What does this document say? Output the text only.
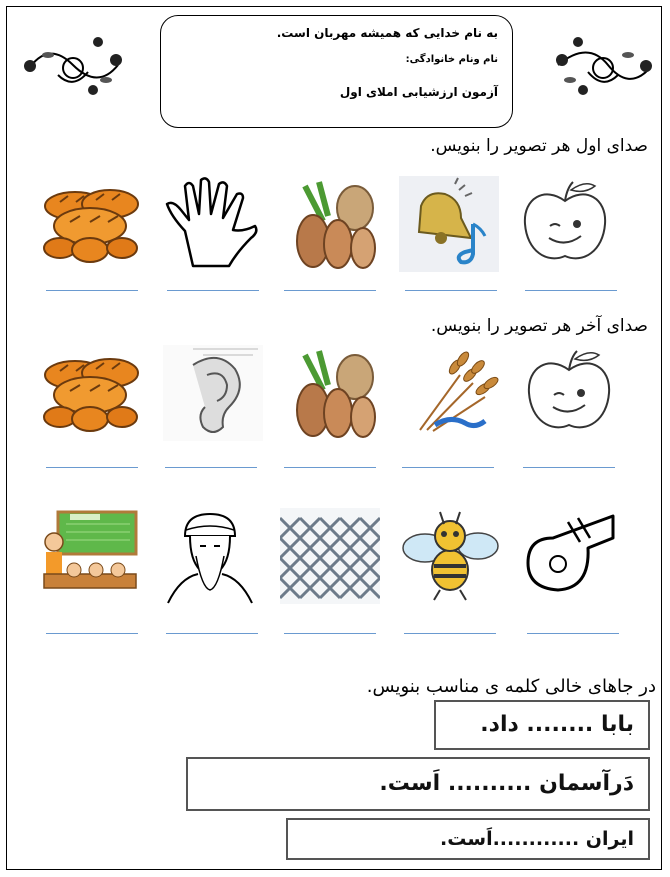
به نام خدایی که همیشه مهربان است.
نام ونام خانوادگی:
آزمون ارزشیابی املای اول
صدای اول هر تصویر را بنویس.
صدای آخر هر تصویر را بنویس.
در جاهای خالی کلمه ی مناسب بنویس.
بابا ........ داد.
دَرآسمان .......... اَست.
ایران ............اَست.
